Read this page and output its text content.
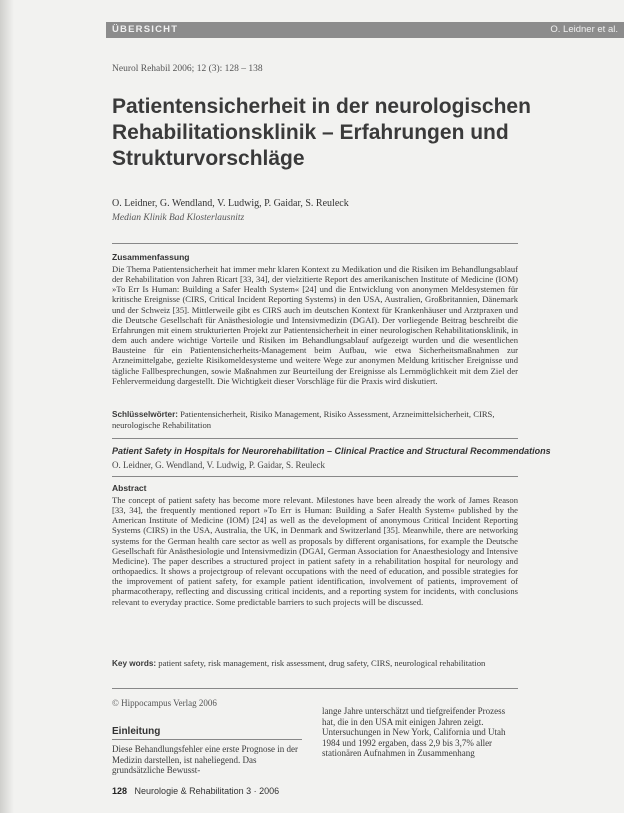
ÜBERSICHT	O. Leidner et al.
Neurol Rehabil 2006; 12 (3): 128 – 138
Patientensicherheit in der neurologischen Rehabilitationsklinik – Erfahrungen und Strukturvorschläge
O. Leidner, G. Wendland, V. Ludwig, P. Gaidar, S. Reuleck
Median Klinik Bad Klosterlausnitz
Zusammenfassung

Die Thema Patientensicherheit hat immer mehr klaren Kontext zu Medikation und die Risiken im Behandlungsablauf der Rehabilitation von Jahren Ricart [33, 34], der vielzitierte Report des amerikanischen Institute of Medicine (IOM) »To Err Is Human: Building a Safer Health System« [24] und die Entwicklung von anonymen Meldesystemen für kritische Ereignisse (CIRS, Critical Incident Reporting Systems) in den USA, Australien, Großbritannien, Dänemark und der Schweiz [35]. Mittlerweile gibt es CIRS auch im deutschen Kontext für Krankenhäuser und Arztpraxen und die Deutsche Gesellschaft für Anästhesiologie und Intensivmedizin (DGAI). Der vorliegende Beitrag beschreibt die Erfahrungen mit einem strukturierten Projekt zur Patientensicherheit in einer neurologischen Rehabilitationsklinik, in dem auch andere wichtige Vorteile und Risiken im Behandlungsablauf aufgezeigt wurden und die wesentlichen Bausteine für ein Patientensicherheits-Management beim Aufbau, wie etwa Sicherheitsmaßnahmen zur Arzneimittelgabe, gezielte Risikomeldesysteme und weitere Wege zur anonymen Meldung kritischer Ereignisse und tägliche Fallbesprechungen, sowie Maßnahmen zur Beurteilung der Ereignisse als Lernmöglichkeit mit dem Ziel der Fehlervermeidung dargestellt. Die Wichtigkeit dieser Vorschläge für die Praxis wird diskutiert.

Schlüsselwörter: Patientensicherheit, Risiko Management, Risiko Assessment, Arzneimittelsicherheit, CIRS, neurologische Rehabilitation

Patient Safety in Hospitals for Neurorehabilitation – Clinical Practice and Structural Recommendations
O. Leidner, G. Wendland, V. Ludwig, P. Gaidar, S. Reuleck
Abstract

The concept of patient safety has become more relevant. Milestones have been already the work of James Reason [33, 34], the frequently mentioned report »To Err is Human: Building a Safer Health System« published by the American Institute of Medicine (IOM) [24] as well as the development of anonymous Critical Incident Reporting Systems (CIRS) in the USA, Australia, the UK, in Denmark and Switzerland [35]. Meanwhile, there are networking systems for the German health care sector as well as proposals by different organisations, for example the Deutsche Gesellschaft für Anästhesiologie und Intensivmedizin (DGAI, German Association for Anaesthesiology and Intensive Medicine). The paper describes a structured project in patient safety in a rehabilitation hospital for neurology and orthopaedics. It shows a projectgroup of relevant occupations with the need of education, and possible strategies for the improvement of patient safety, for example patient identification, involvement of patients, improvement of pharmacotherapy, reflecting and discussing critical incidents, and a reporting system for incidents, with conclusions relevant to everyday practice. Some predictable barriers to such projects will be discussed.

Key words: patient safety, risk management, risk assessment, drug safety, CIRS, neurological rehabilitation

© Hippocampus Verlag 2006
Einleitung

Diese Behandlungsfehler eine erste Prognose in der Medizin darstellen, ist naheliegend. Das grundsätzliche Bewusst-

lange Jahre unterschätzt und tiefgreifender Prozess hat, die in den USA mit einigen Jahren zeigt. Untersuchungen in New York, California und Utah 1984 und 1992 ergaben, dass 2,9 bis 3,7% aller stationären Aufnahmen in Zusammenhang

128 Neurologie & Rehabilitation 3 · 2006
